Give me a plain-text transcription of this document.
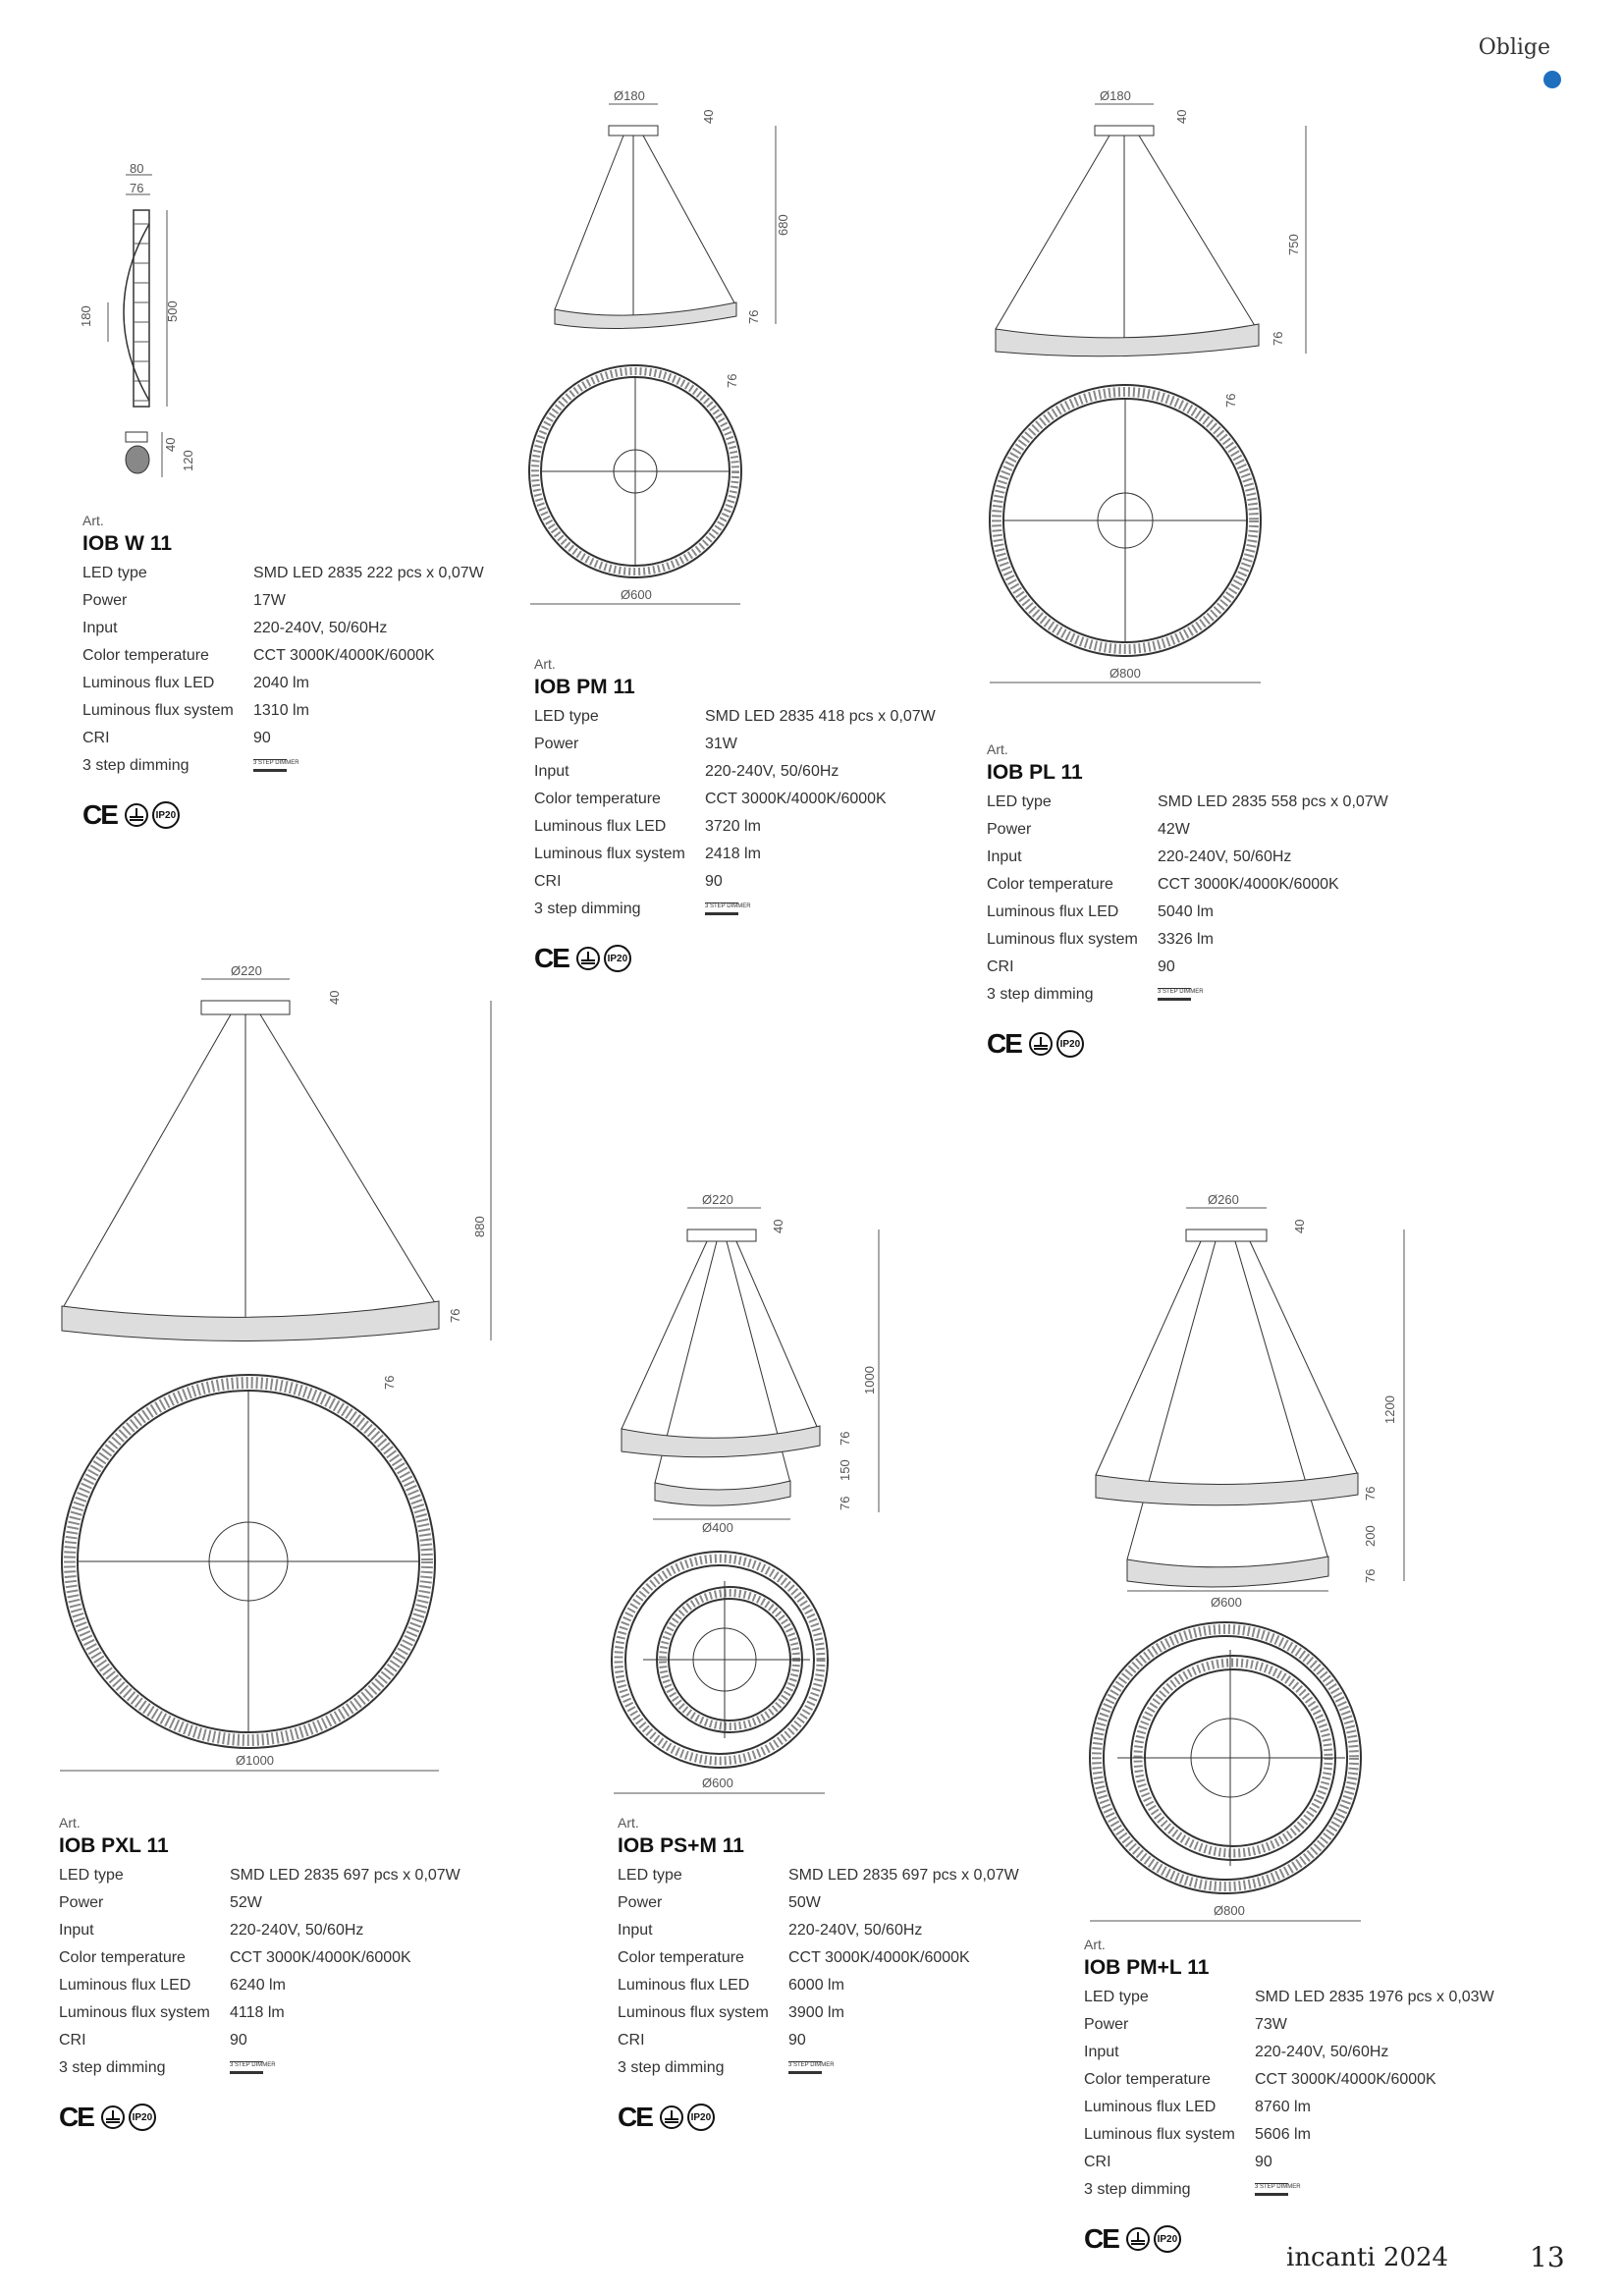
Oblige
incanti 2024	13
80
76
180	500
40
120
Ø180
40
680
76
76
Ø600
Ø180
40
750
76
76
Ø800
Ø220
40
880
76
76
Ø1000
Ø220
40
1000
76
150
76
Ø400
Ø600
Ø260
40
1200
76
200
76
Ø600
Ø800
Art.
IOB W 11
LED type	SMD LED 2835 222 pcs x 0,07W
Power	17W
Input	220-240V, 50/60Hz
Color temperature	CCT 3000K/4000K/6000K
Luminous flux LED	2040 lm
Luminous flux system	1310 lm
CRI	90
3 step dimming	3 STEP DIMMER
CE	IP20
Art.
IOB PM 11
LED type	SMD LED 2835 418 pcs x 0,07W
Power	31W
Input	220-240V, 50/60Hz
Color temperature	CCT 3000K/4000K/6000K
Luminous flux LED	3720 lm
Luminous flux system	2418 lm
CRI	90
3 step dimming	3 STEP DIMMER
CE	IP20
Art.
IOB PL 11
LED type	SMD LED 2835 558 pcs x 0,07W
Power	42W
Input	220-240V, 50/60Hz
Color temperature	CCT 3000K/4000K/6000K
Luminous flux LED	5040 lm
Luminous flux system	3326 lm
CRI	90
3 step dimming	3 STEP DIMMER
CE	IP20
Art.
IOB PXL 11
LED type	SMD LED 2835 697 pcs x 0,07W
Power	52W
Input	220-240V, 50/60Hz
Color temperature	CCT 3000K/4000K/6000K
Luminous flux LED	6240 lm
Luminous flux system	4118 lm
CRI	90
3 step dimming	3 STEP DIMMER
CE	IP20
Art.
IOB PS+M 11
LED type	SMD LED 2835 697 pcs x 0,07W
Power	50W
Input	220-240V, 50/60Hz
Color temperature	CCT 3000K/4000K/6000K
Luminous flux LED	6000 lm
Luminous flux system	3900 lm
CRI	90
3 step dimming	3 STEP DIMMER
CE	IP20
Art.
IOB PM+L 11
LED type	SMD LED 2835 1976 pcs x 0,03W
Power	73W
Input	220-240V, 50/60Hz
Color temperature	CCT 3000K/4000K/6000K
Luminous flux LED	8760 lm
Luminous flux system	5606 lm
CRI	90
3 step dimming	3 STEP DIMMER
CE	IP20
